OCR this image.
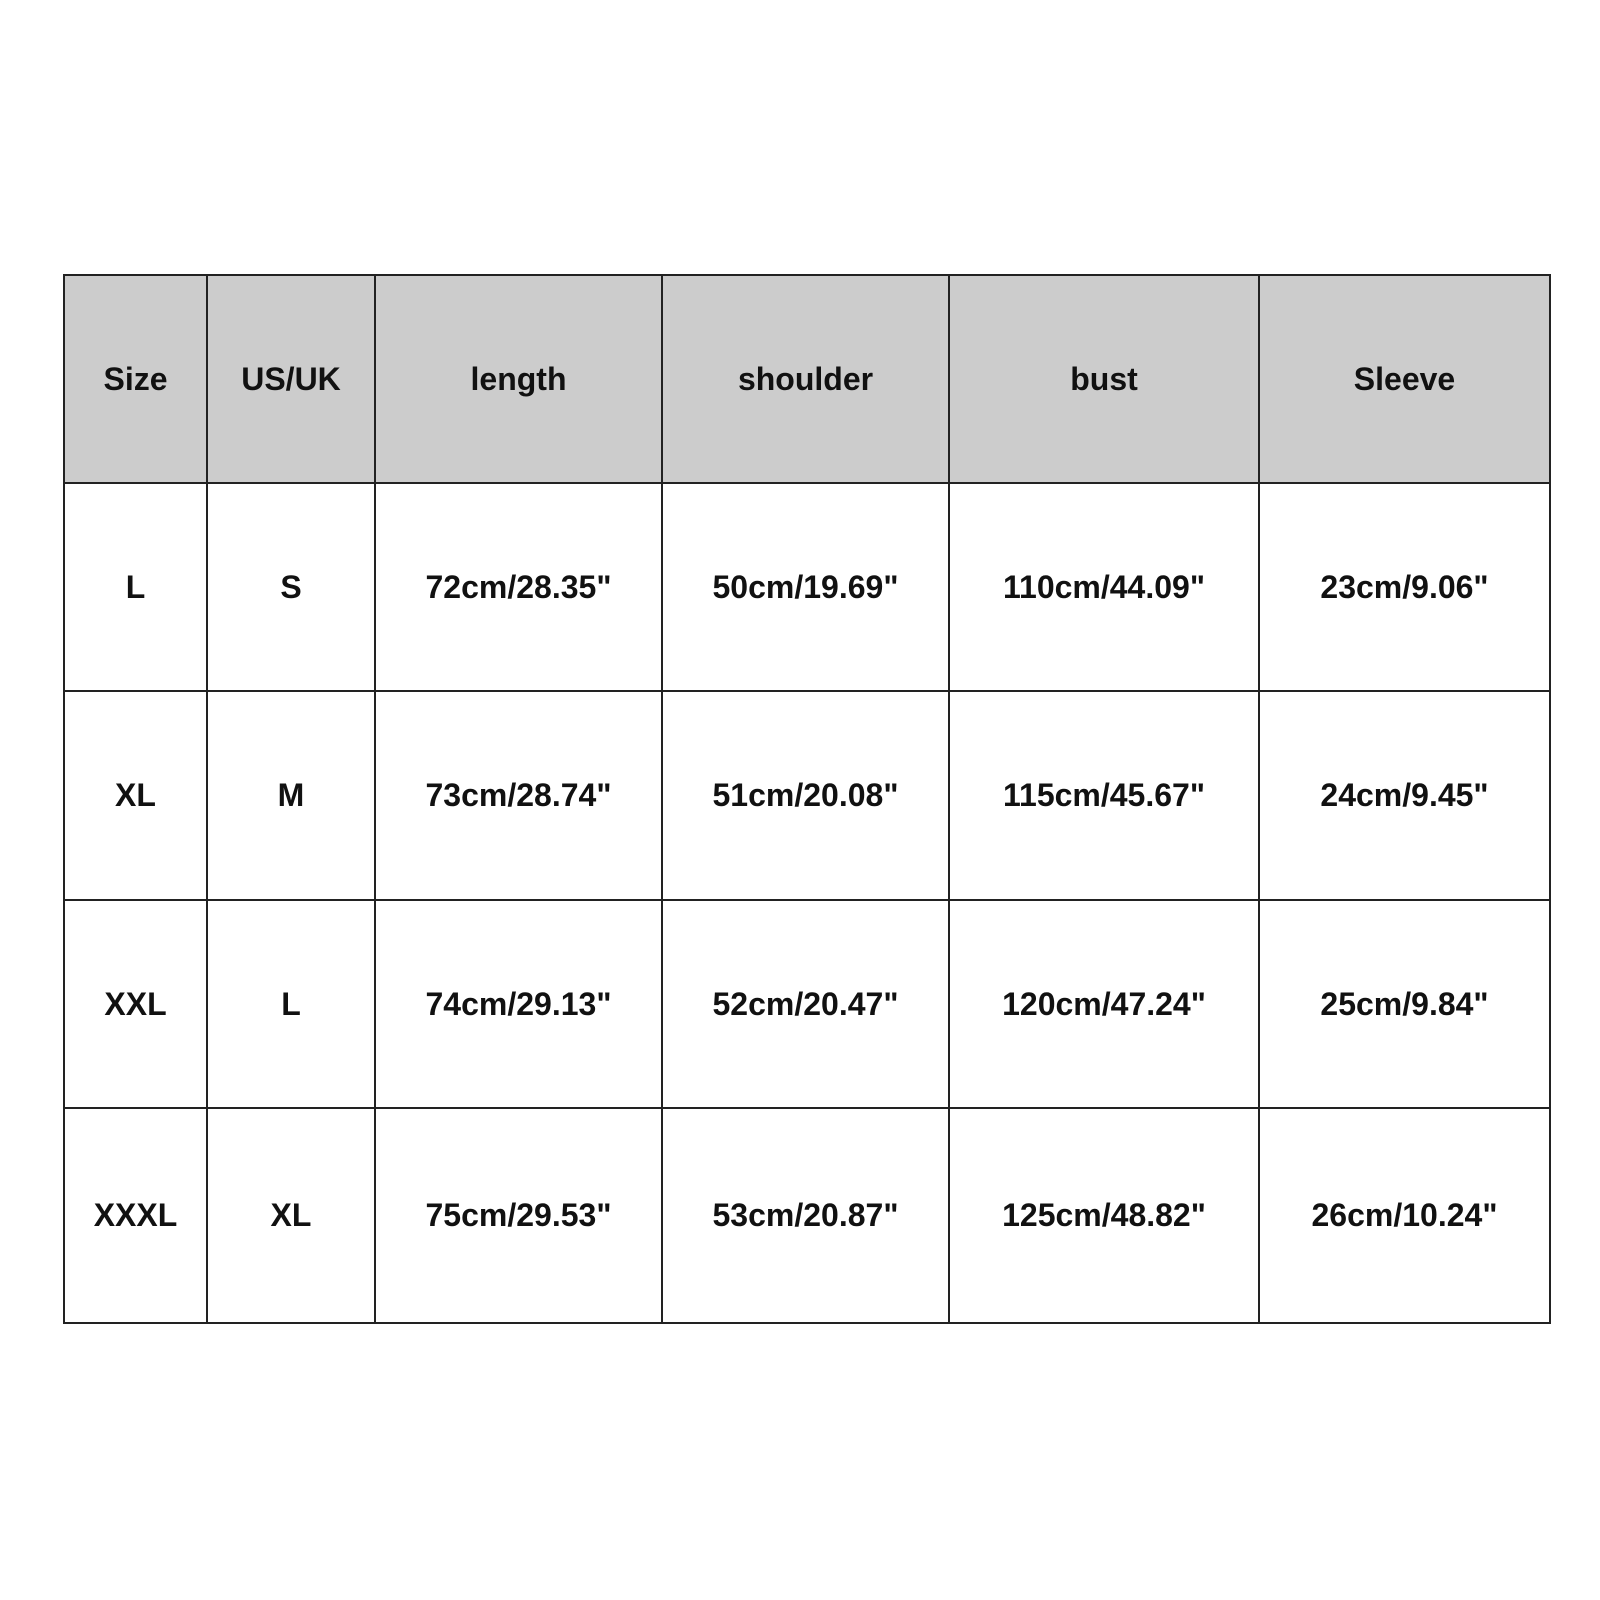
Size	US/UK	length	shoulder	bust	Sleeve
L	S	72cm/28.35"	50cm/19.69"	110cm/44.09"	23cm/9.06"
XL	M	73cm/28.74"	51cm/20.08"	115cm/45.67"	24cm/9.45"
XXL	L	74cm/29.13"	52cm/20.47"	120cm/47.24"	25cm/9.84"
XXXL	XL	75cm/29.53"	53cm/20.87"	125cm/48.82"	26cm/10.24"
